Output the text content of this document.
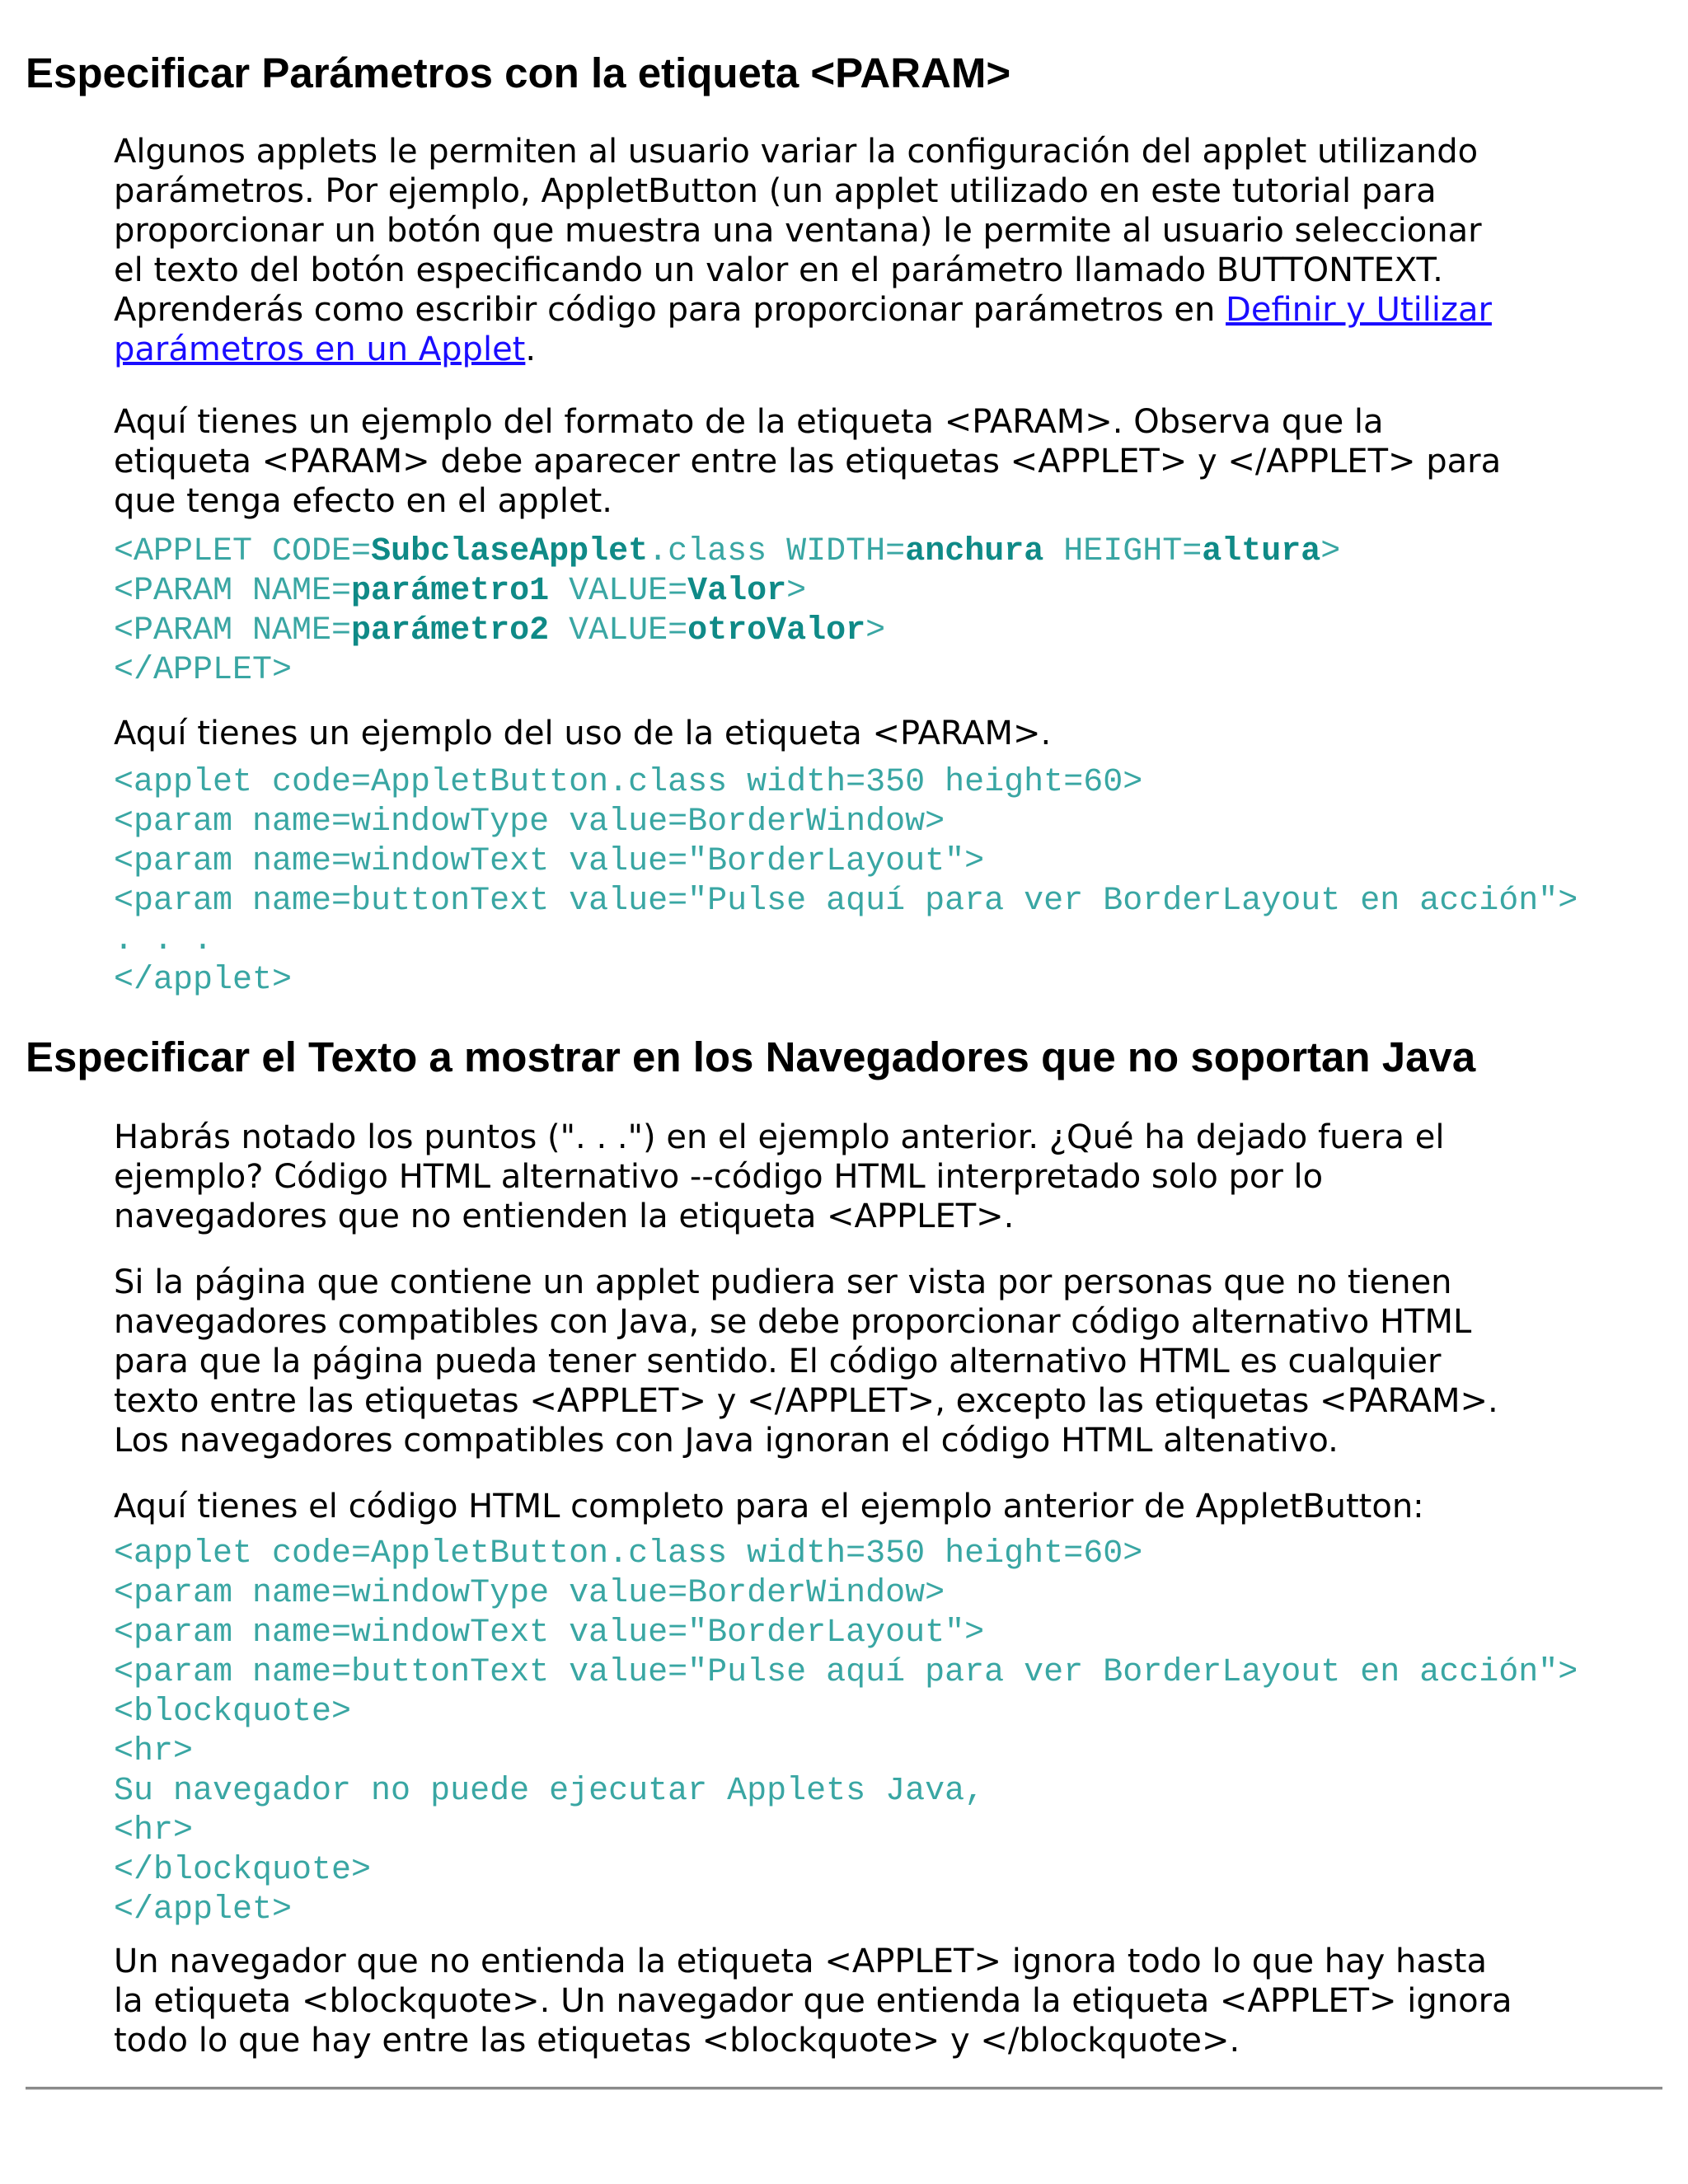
Especificar Parámetros con la etiqueta <PARAM>

Algunos applets le permiten al usuario variar la configuración del applet utilizando
parámetros. Por ejemplo, AppletButton (un applet utilizado en este tutorial para
proporcionar un botón que muestra una ventana) le permite al usuario seleccionar
el texto del botón especificando un valor en el parámetro llamado BUTTONTEXT.
Aprenderás como escribir código para proporcionar parámetros en Definir y Utilizar
parámetros en un Applet.

Aquí tienes un ejemplo del formato de la etiqueta <PARAM>. Observa que la
etiqueta <PARAM> debe aparecer entre las etiquetas <APPLET> y </APPLET> para
que tenga efecto en el applet.

<APPLET CODE=SubclaseApplet.class WIDTH=anchura HEIGHT=altura>
<PARAM NAME=parámetro1 VALUE=Valor>
<PARAM NAME=parámetro2 VALUE=otroValor>
</APPLET>

Aquí tienes un ejemplo del uso de la etiqueta <PARAM>.

<applet code=AppletButton.class width=350 height=60>
<param name=windowType value=BorderWindow>
<param name=windowText value="BorderLayout">
<param name=buttonText value="Pulse aquí para ver BorderLayout en acción">
. . .
</applet>
Especificar el Texto a mostrar en los Navegadores que no soportan Java

Habrás notado los puntos (". . .") en el ejemplo anterior. ¿Qué ha dejado fuera el
ejemplo? Código HTML alternativo --código HTML interpretado solo por lo
navegadores que no entienden la etiqueta <APPLET>.

Si la página que contiene un applet pudiera ser vista por personas que no tienen
navegadores compatibles con Java, se debe proporcionar código alternativo HTML
para que la página pueda tener sentido. El código alternativo HTML es cualquier
texto entre las etiquetas <APPLET> y </APPLET>, excepto las etiquetas <PARAM>.
Los navegadores compatibles con Java ignoran el código HTML altenativo.

Aquí tienes el código HTML completo para el ejemplo anterior de AppletButton:

<applet code=AppletButton.class width=350 height=60>
<param name=windowType value=BorderWindow>
<param name=windowText value="BorderLayout">
<param name=buttonText value="Pulse aquí para ver BorderLayout en acción">
<blockquote>
<hr>
Su navegador no puede ejecutar Applets Java,
<hr>
</blockquote>
</applet>

Un navegador que no entienda la etiqueta <APPLET> ignora todo lo que hay hasta
la etiqueta <blockquote>. Un navegador que entienda la etiqueta <APPLET> ignora
todo lo que hay entre las etiquetas <blockquote> y </blockquote>.
